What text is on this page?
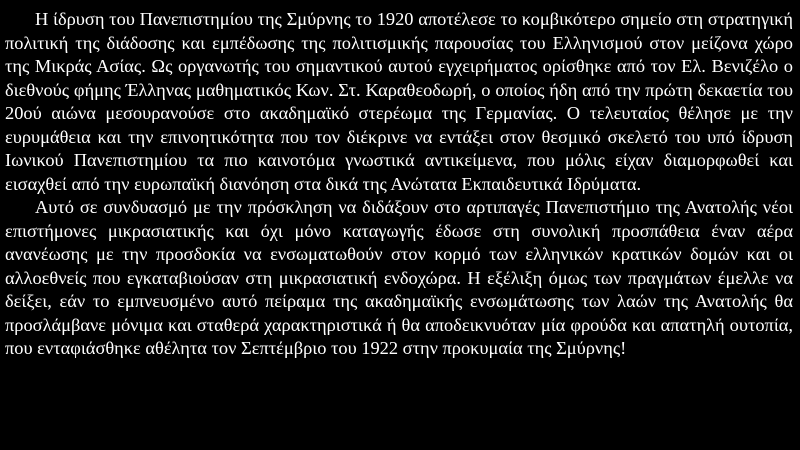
Η ίδρυση του Πανεπιστημίου της Σμύρνης το 1920 αποτέλεσε το κομβικότερο σημείο στη στρατηγική πολιτική της διάδοσης και εμπέδωσης της πολιτισμικής παρουσίας του Ελληνισμού στον μείζονα χώρο της Μικράς Ασίας. Ως οργανωτής του σημαντικού αυτού εγχειρήματος ορίσθηκε από τον Ελ. Βενιζέλο ο διεθνούς φήμης Έλληνας μαθηματικός Κων. Στ. Καραθεοδωρή, ο οποίος ήδη από την πρώτη δεκαετία του 20ού αιώνα μεσουρανούσε στο ακαδημαϊκό στερέωμα της Γερμανίας. Ο τελευταίος θέλησε με την ευρυμάθεια και την επινοητικότητα που τον διέκρινε να εντάξει στον θεσμικό σκελετό του υπό ίδρυση Ιωνικού Πανεπιστημίου τα πιο καινοτόμα γνωστικά αντικείμενα, που μόλις είχαν διαμορφωθεί και εισαχθεί από την ευρωπαϊκή διανόηση στα δικά της Ανώτατα Εκπαιδευτικά Ιδρύματα.

Αυτό σε συνδυασμό με την πρόσκληση να διδάξουν στο αρτιπαγές Πανεπιστήμιο της Ανατολής νέοι επιστήμονες μικρασιατικής και όχι μόνο καταγωγής έδωσε στη συνολική προσπάθεια έναν αέρα ανανέωσης με την προσδοκία να ενσωματωθούν στον κορμό των ελληνικών κρατικών δομών και οι αλλοεθνείς που εγκαταβιούσαν στη μικρασιατική ενδοχώρα. Η εξέλιξη όμως των πραγμάτων έμελλε να δείξει, εάν το εμπνευσμένο αυτό πείραμα της ακαδημαϊκής ενσωμάτωσης των λαών της Ανατολής θα προσλάμβανε μόνιμα και σταθερά χαρακτηριστικά ή θα αποδεικνυόταν μία φρούδα και απατηλή ουτοπία, που ενταφιάσθηκε αθέλητα τον Σεπτέμβριο του 1922 στην προκυμαία της Σμύρνης!
